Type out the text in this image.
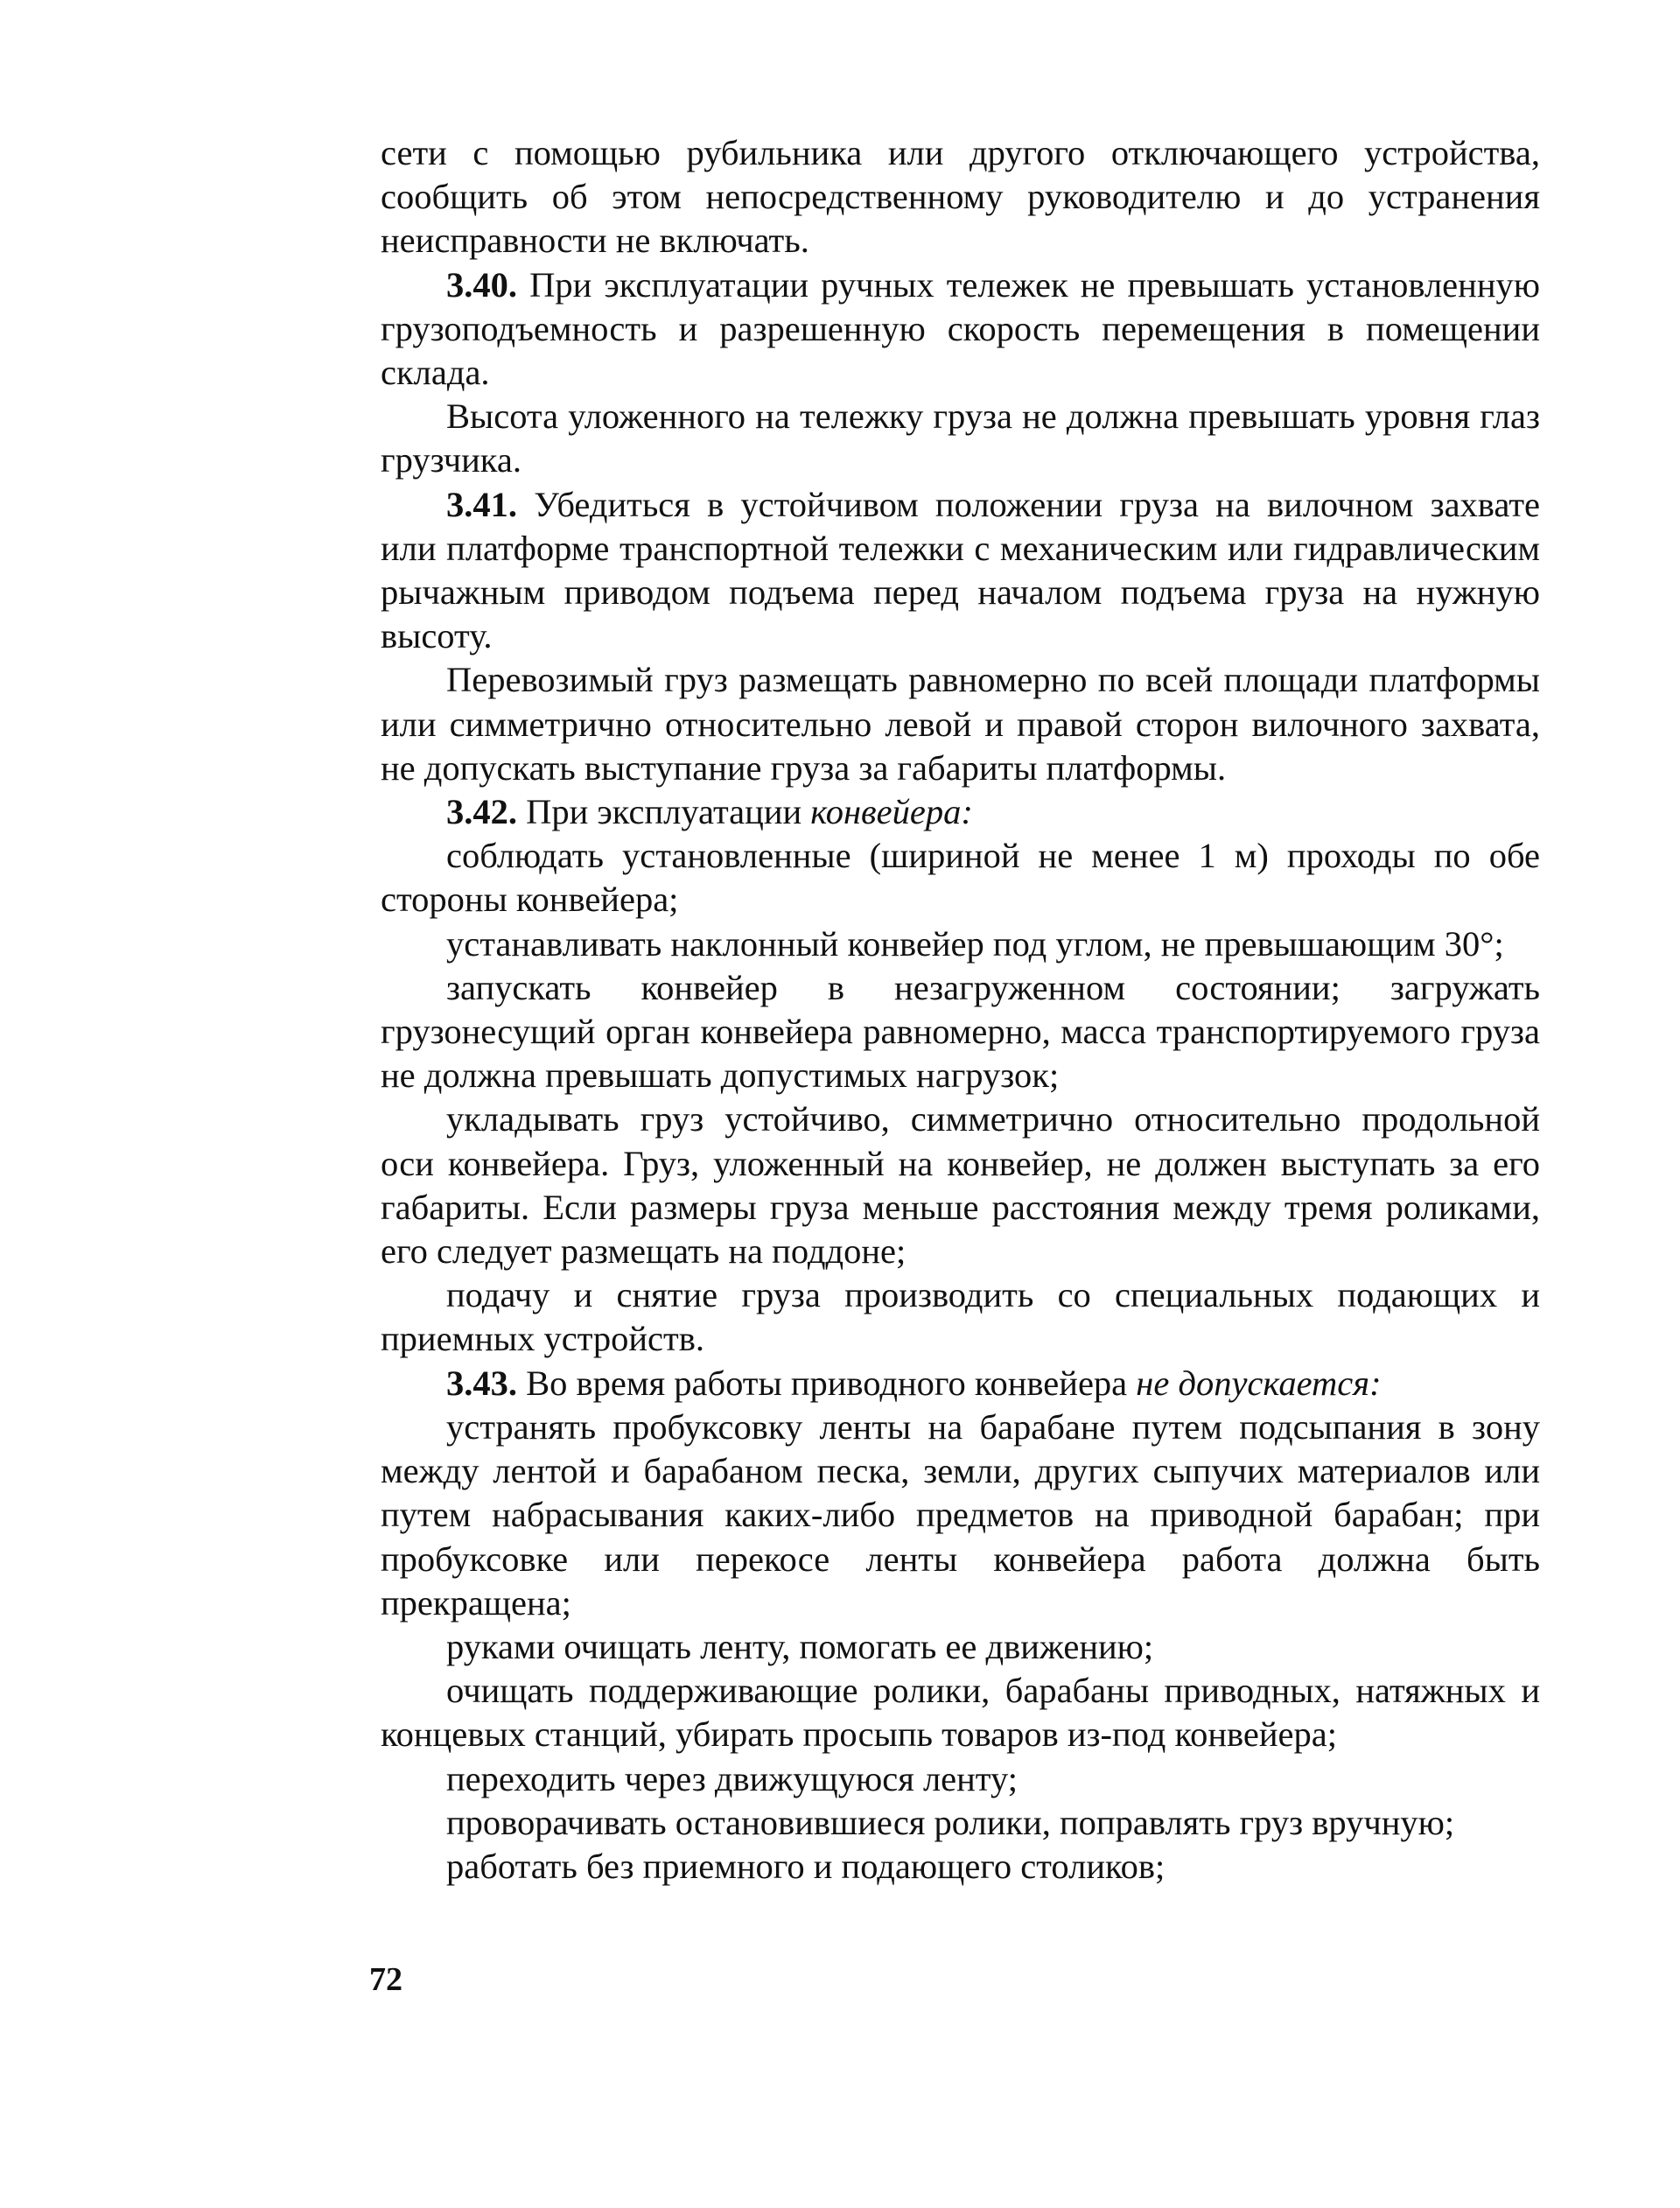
сети с помощью рубильника или другого отключающего устройства, сообщить об этом непосредственному руководителю и до устранения неисправности не включать.

3.40. При эксплуатации ручных тележек не превышать установленную грузоподъемность и разрешенную скорость перемещения в помещении склада.

Высота уложенного на тележку груза не должна превышать уровня глаз грузчика.

3.41. Убедиться в устойчивом положении груза на вилочном захвате или платформе транспортной тележки с механическим или гидравлическим рычажным приводом подъема перед началом подъема груза на нужную высоту.

Перевозимый груз размещать равномерно по всей площади платформы или симметрично относительно левой и правой сторон вилочного захвата, не допускать выступание груза за габариты платформы.

3.42. При эксплуатации конвейера:

соблюдать установленные (шириной не менее 1 м) проходы по обе стороны конвейера;

устанавливать наклонный конвейер под углом, не превышающим 30°;

запускать конвейер в незагруженном состоянии; загружать грузонесущий орган конвейера равномерно, масса транспортируемого груза не должна превышать допустимых нагрузок;

укладывать груз устойчиво, симметрично относительно продольной оси конвейера. Груз, уложенный на конвейер, не должен выступать за его габариты. Если размеры груза меньше расстояния между тремя роликами, его следует размещать на поддоне;

подачу и снятие груза производить со специальных подающих и приемных устройств.

3.43. Во время работы приводного конвейера не допускается:

устранять пробуксовку ленты на барабане путем подсыпания в зону между лентой и барабаном песка, земли, других сыпучих материалов или путем набрасывания каких-либо предметов на приводной барабан; при пробуксовке или перекосе ленты конвейера работа должна быть прекращена;

руками очищать ленту, помогать ее движению;

очищать поддерживающие ролики, барабаны приводных, натяжных и концевых станций, убирать просыпь товаров из-под конвейера;

переходить через движущуюся ленту;

проворачивать остановившиеся ролики, поправлять груз вручную;

работать без приемного и подающего столиков;

72
